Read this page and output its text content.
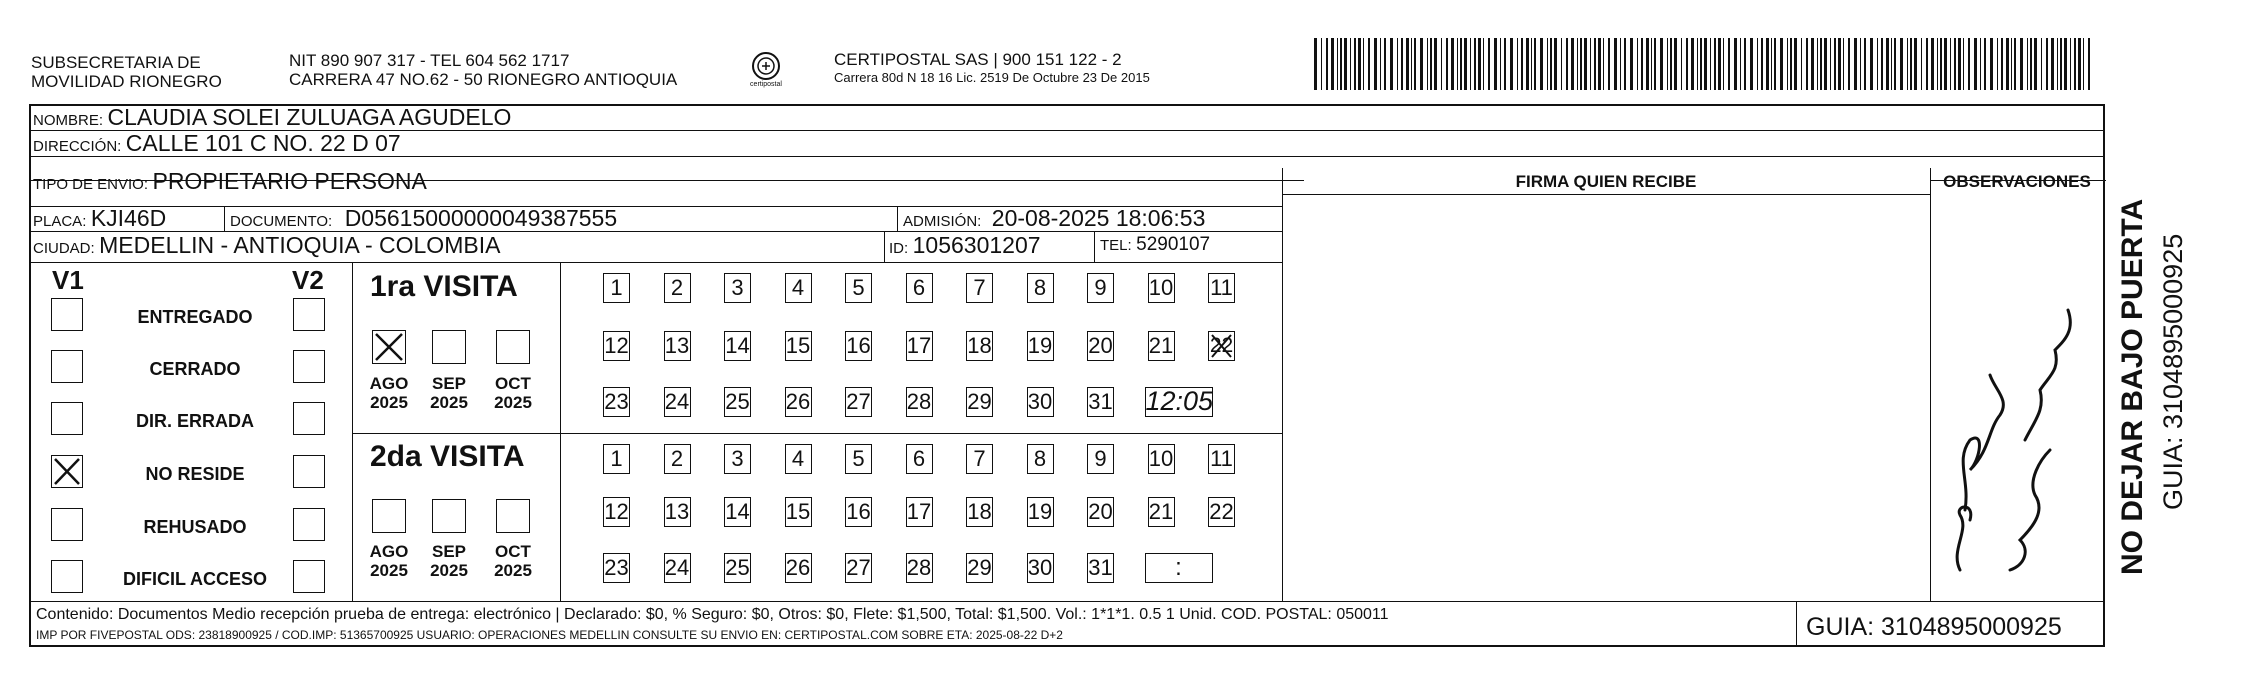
SUBSECRETARIA DE
MOVILIDAD RIONEGRO
NIT 890 907 317 - TEL 604 562 1717
CARRERA 47 NO.62 - 50 RIONEGRO ANTIOQUIA	certipostal
CERTIPOSTAL SAS | 900 151 122 - 2
Carrera 80d N 18 16 Lic. 2519 De Octubre 23 De 2015
NOMBRE: CLAUDIA SOLEI ZULUAGA AGUDELO
DIRECCIÓN: CALLE 101 C NO. 22 D 07
TIPO DE ENVIO: PROPIETARIO PERSONA
PLACA: KJI46D	DOCUMENTO: D05615000000049387555	ADMISIÓN: 20-08-2025 18:06:53
CIUDAD: MEDELLIN - ANTIOQUIA - COLOMBIA	ID: 1056301207	TEL: 5290107
FIRMA QUIEN RECIBE	OBSERVACIONES
NO DEJAR BAJO PUERTA GUIA: 3104895000925
V1	V2
ENTREGADO
CERRADO
DIR. ERRADA
NO RESIDE
REHUSADO
DIFICIL ACCESO
1ra VISITA
2da VISITA
AGO
2025
SEP
2025
OCT
2025
AGO
2025
SEP
2025
OCT
2025
1	2	3	4	5	6	7	8	9	10 11
12 13 14 15 16 17 18 19 20 21 22
23 24 25 26 27 28 29 30 31 12:05
1	2	3	4	5	6	7	8	9	10 11
12 13 14 15 16 17 18 19 20 21 22
23 24 25 26 27 28 29 30 31	:
Contenido: Documentos Medio recepción prueba de entrega: electrónico | Declarado: $0, % Seguro: $0, Otros: $0, Flete: $1,500, Total: $1,500. Vol.: 1*1*1. 0.5 1 Unid. COD. POSTAL: 050011
IMP POR FIVEPOSTAL ODS: 23818900925 / COD.IMP: 51365700925 USUARIO: OPERACIONES MEDELLIN CONSULTE SU ENVIO EN: CERTIPOSTAL.COM SOBRE ETA: 2025-08-22 D+2	GUIA: 3104895000925
